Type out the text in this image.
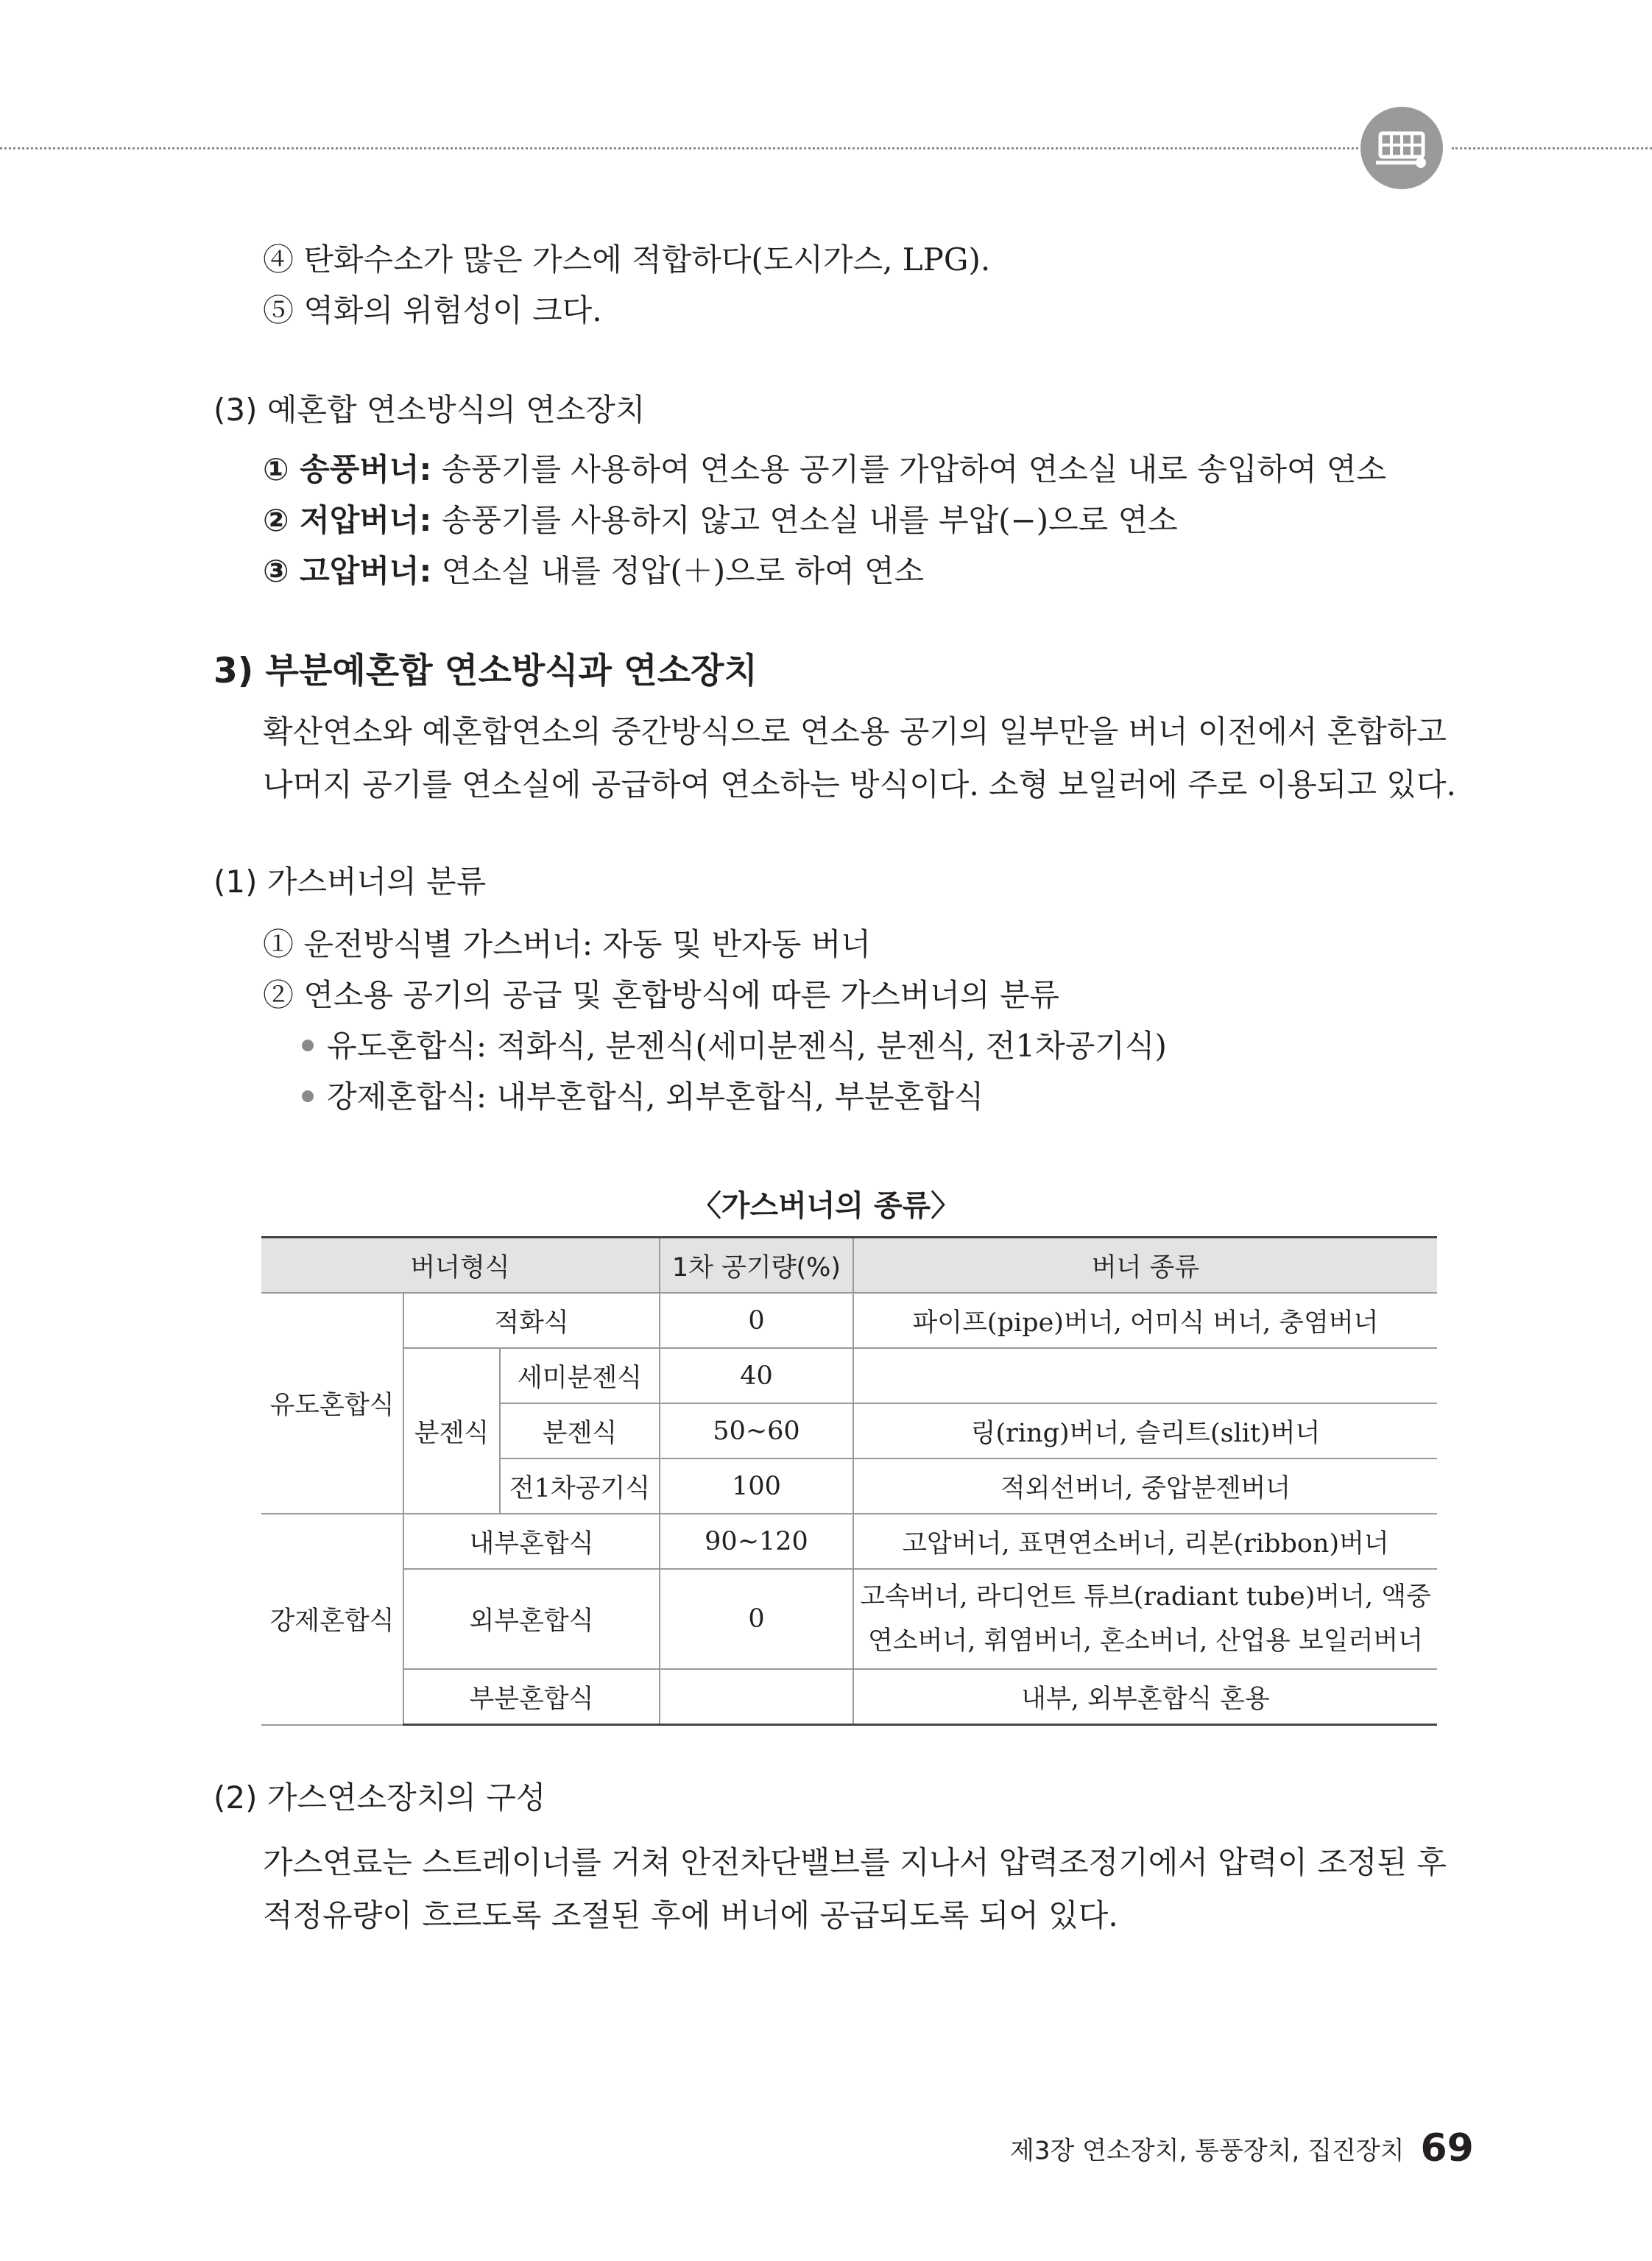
④ 탄화수소가 많은 가스에 적합하다(도시가스, LPG).
⑤ 역화의 위험성이 크다.
(3) 예혼합 연소방식의 연소장치
① 송풍버너: 송풍기를 사용하여 연소용 공기를 가압하여 연소실 내로 송입하여 연소
② 저압버너: 송풍기를 사용하지 않고 연소실 내를 부압(−)으로 연소
③ 고압버너: 연소실 내를 정압(＋)으로 하여 연소
3) 부분예혼합 연소방식과 연소장치
확산연소와 예혼합연소의 중간방식으로 연소용 공기의 일부만을 버너 이전에서 혼합하고
나머지 공기를 연소실에 공급하여 연소하는 방식이다. 소형 보일러에 주로 이용되고 있다.
(1) 가스버너의 분류
① 운전방식별 가스버너: 자동 및 반자동 버너
② 연소용 공기의 공급 및 혼합방식에 따른 가스버너의 분류
유도혼합식: 적화식, 분젠식(세미분젠식, 분젠식, 전1차공기식)
강제혼합식: 내부혼합식, 외부혼합식, 부분혼합식
〈가스버너의 종류〉
버너형식			1차 공기량(%)	버너 종류
유도혼합식	적화식		0	파이프(pipe)버너, 어미식 버너, 충염버너
	분젠식	세미분젠식	40	
		분젠식	50~60	링(ring)버너, 슬리트(slit)버너
		전1차공기식	100	적외선버너, 중압분젠버너
강제혼합식	내부혼합식		90~120	고압버너, 표면연소버너, 리본(ribbon)버너
	외부혼합식		0	고속버너, 라디언트 튜브(radiant tube)버너, 액중
연소버너, 휘염버너, 혼소버너, 산업용 보일러버너

	부분혼합식			내부, 외부혼합식 혼용
(2) 가스연소장치의 구성
가스연료는 스트레이너를 거쳐 안전차단밸브를 지나서 압력조정기에서 압력이 조정된 후
적정유량이 흐르도록 조절된 후에 버너에 공급되도록 되어 있다.
제3장 연소장치, 통풍장치, 집진장치 69
